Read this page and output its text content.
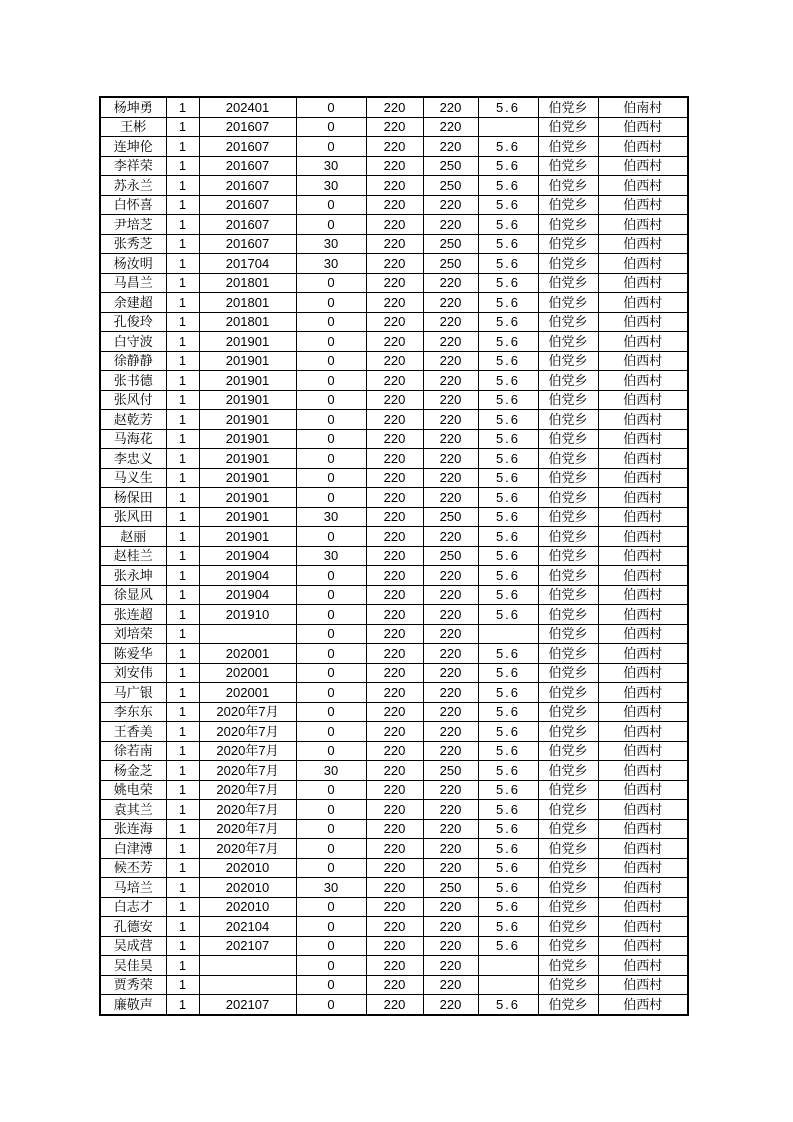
杨坤勇	1	202401	0	220	220	5.6	伯党乡	伯南村
王彬	1	201607	0	220	220		伯党乡	伯西村
连坤伦	1	201607	0	220	220	5.6	伯党乡	伯西村
李祥荣	1	201607	30	220	250	5.6	伯党乡	伯西村
苏永兰	1	201607	30	220	250	5.6	伯党乡	伯西村
白怀喜	1	201607	0	220	220	5.6	伯党乡	伯西村
尹培芝	1	201607	0	220	220	5.6	伯党乡	伯西村
张秀芝	1	201607	30	220	250	5.6	伯党乡	伯西村
杨汝明	1	201704	30	220	250	5.6	伯党乡	伯西村
马昌兰	1	201801	0	220	220	5.6	伯党乡	伯西村
余建超	1	201801	0	220	220	5.6	伯党乡	伯西村
孔俊玲	1	201801	0	220	220	5.6	伯党乡	伯西村
白守波	1	201901	0	220	220	5.6	伯党乡	伯西村
徐静静	1	201901	0	220	220	5.6	伯党乡	伯西村
张书德	1	201901	0	220	220	5.6	伯党乡	伯西村
张风付	1	201901	0	220	220	5.6	伯党乡	伯西村
赵乾芳	1	201901	0	220	220	5.6	伯党乡	伯西村
马海花	1	201901	0	220	220	5.6	伯党乡	伯西村
李忠义	1	201901	0	220	220	5.6	伯党乡	伯西村
马义生	1	201901	0	220	220	5.6	伯党乡	伯西村
杨保田	1	201901	0	220	220	5.6	伯党乡	伯西村
张风田	1	201901	30	220	250	5.6	伯党乡	伯西村
赵丽	1	201901	0	220	220	5.6	伯党乡	伯西村
赵桂兰	1	201904	30	220	250	5.6	伯党乡	伯西村
张永坤	1	201904	0	220	220	5.6	伯党乡	伯西村
徐显风	1	201904	0	220	220	5.6	伯党乡	伯西村
张连超	1	201910	0	220	220	5.6	伯党乡	伯西村
刘培荣	1		0	220	220		伯党乡	伯西村
陈爱华	1	202001	0	220	220	5.6	伯党乡	伯西村
刘安伟	1	202001	0	220	220	5.6	伯党乡	伯西村
马广银	1	202001	0	220	220	5.6	伯党乡	伯西村
李东东	1	2020年7月	0	220	220	5.6	伯党乡	伯西村
王香美	1	2020年7月	0	220	220	5.6	伯党乡	伯西村
徐若南	1	2020年7月	0	220	220	5.6	伯党乡	伯西村
杨金芝	1	2020年7月	30	220	250	5.6	伯党乡	伯西村
姚电荣	1	2020年7月	0	220	220	5.6	伯党乡	伯西村
袁其兰	1	2020年7月	0	220	220	5.6	伯党乡	伯西村
张连海	1	2020年7月	0	220	220	5.6	伯党乡	伯西村
白津溥	1	2020年7月	0	220	220	5.6	伯党乡	伯西村
候丕芳	1	202010	0	220	220	5.6	伯党乡	伯西村
马培兰	1	202010	30	220	250	5.6	伯党乡	伯西村
白志才	1	202010	0	220	220	5.6	伯党乡	伯西村
孔德安	1	202104	0	220	220	5.6	伯党乡	伯西村
吴成营	1	202107	0	220	220	5.6	伯党乡	伯西村
吴佳昊	1		0	220	220		伯党乡	伯西村
贾秀荣	1		0	220	220		伯党乡	伯西村
廉敬声	1	202107	0	220	220	5.6	伯党乡	伯西村
